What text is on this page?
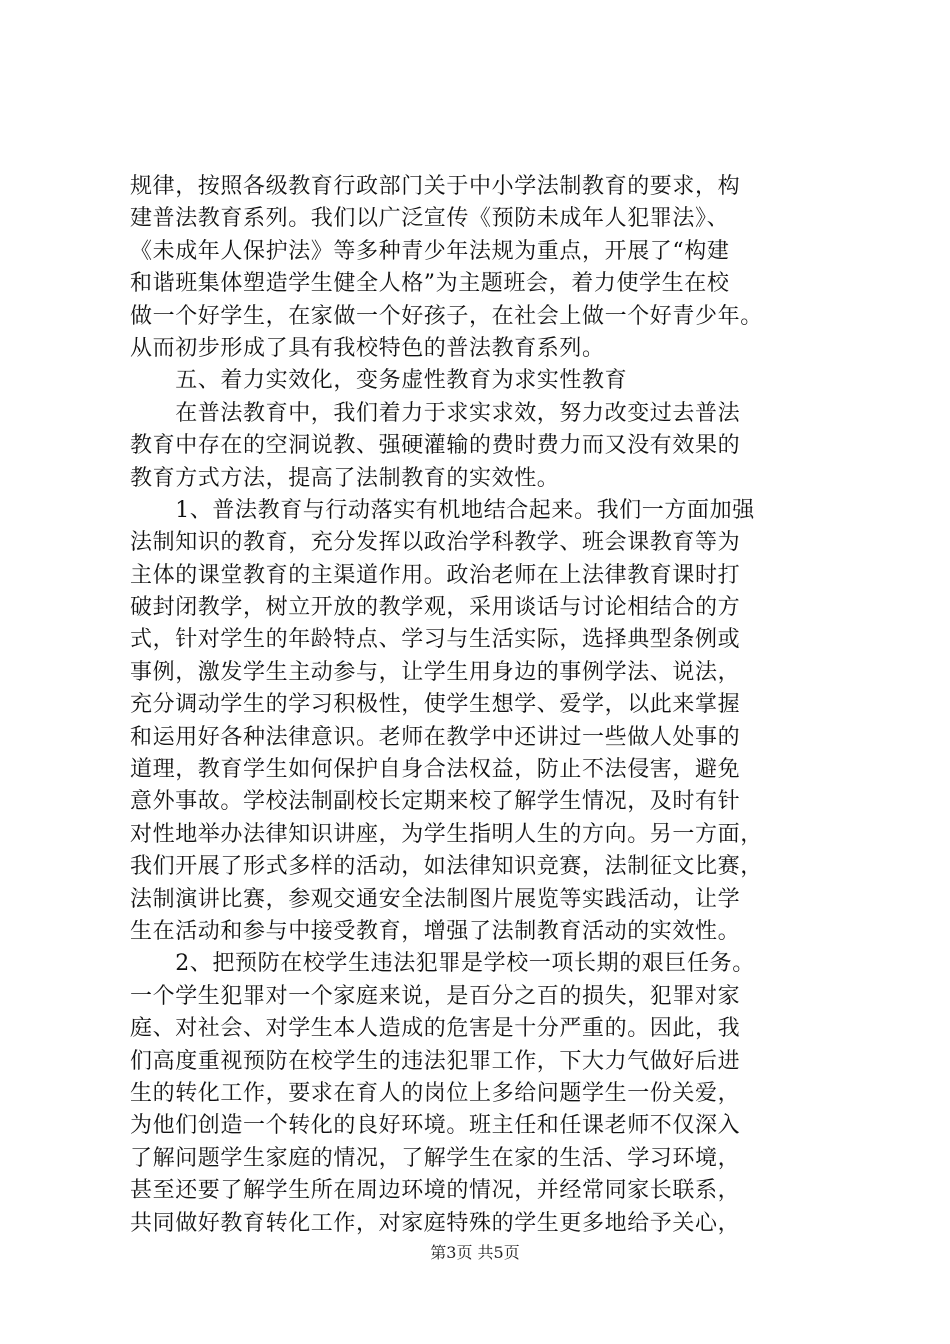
规律，按照各级教育行政部门关于中小学法制教育的要求，构
建普法教育系列。我们以广泛宣传《预防未成年人犯罪法》、
《未成年人保护法》等多种青少年法规为重点，开展了“构建
和谐班集体塑造学生健全人格”为主题班会，着力使学生在校
做一个好学生，在家做一个好孩子，在社会上做一个好青少年。
从而初步形成了具有我校特色的普法教育系列。
　　五、着力实效化，变务虚性教育为求实性教育
　　在普法教育中，我们着力于求实求效，努力改变过去普法
教育中存在的空洞说教、强硬灌输的费时费力而又没有效果的
教育方式方法，提高了法制教育的实效性。
　　1、普法教育与行动落实有机地结合起来。我们一方面加强
法制知识的教育，充分发挥以政治学科教学、班会课教育等为
主体的课堂教育的主渠道作用。政治老师在上法律教育课时打
破封闭教学，树立开放的教学观，采用谈话与讨论相结合的方
式，针对学生的年龄特点、学习与生活实际，选择典型条例或
事例，激发学生主动参与，让学生用身边的事例学法、说法，
充分调动学生的学习积极性，使学生想学、爱学，以此来掌握
和运用好各种法律意识。老师在教学中还讲过一些做人处事的
道理，教育学生如何保护自身合法权益，防止不法侵害，避免
意外事故。学校法制副校长定期来校了解学生情况，及时有针
对性地举办法律知识讲座，为学生指明人生的方向。另一方面，
我们开展了形式多样的活动，如法律知识竞赛，法制征文比赛，
法制演讲比赛，参观交通安全法制图片展览等实践活动，让学
生在活动和参与中接受教育，增强了法制教育活动的实效性。
　　2、把预防在校学生违法犯罪是学校一项长期的艰巨任务。
一个学生犯罪对一个家庭来说，是百分之百的损失，犯罪对家
庭、对社会、对学生本人造成的危害是十分严重的。因此，我
们高度重视预防在校学生的违法犯罪工作，下大力气做好后进
生的转化工作，要求在育人的岗位上多给问题学生一份关爱，
为他们创造一个转化的良好环境。班主任和任课老师不仅深入
了解问题学生家庭的情况，了解学生在家的生活、学习环境，
甚至还要了解学生所在周边环境的情况，并经常同家长联系，
共同做好教育转化工作，对家庭特殊的学生更多地给予关心，
第3页 共5页
